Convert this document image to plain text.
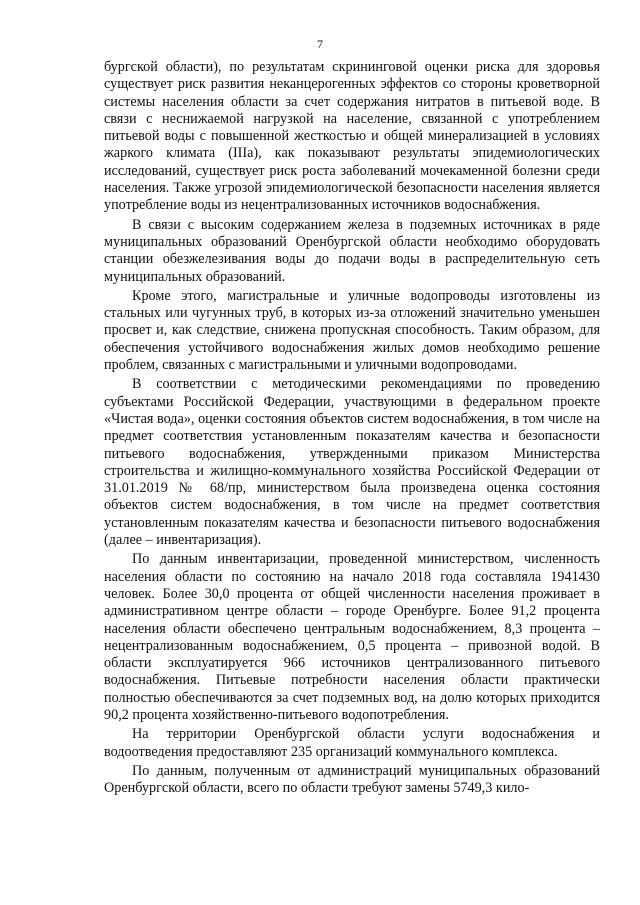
7

бургской области), по результатам скрининговой оценки риска для здоровья существует риск развития неканцерогенных эффектов со стороны кроветворной системы населения области за счет содержания нитратов в питьевой воде. В связи с неснижаемой нагрузкой на население, связанной с употреблением питьевой воды с повышенной жесткостью и общей минерализацией в условиях жаркого климата (IIIа), как показывают результаты эпидемиологических исследований, существует риск роста заболеваний мочекаменной болезни среди населения. Также угрозой эпидемиологической безопасности населения является употребление воды из нецентрализованных источников водоснабжения.

В связи с высоким содержанием железа в подземных источниках в ряде муниципальных образований Оренбургской области необходимо оборудовать станции обезжелезивания воды до подачи воды в распределительную сеть муниципальных образований.

Кроме этого, магистральные и уличные водопроводы изготовлены из стальных или чугунных труб, в которых из-за отложений значительно уменьшен просвет и, как следствие, снижена пропускная способность. Таким образом, для обеспечения устойчивого водоснабжения жилых домов необходимо решение проблем, связанных с магистральными и уличными водопроводами.

В соответствии с методическими рекомендациями по проведению субъектами Российской Федерации, участвующими в федеральном проекте «Чистая вода», оценки состояния объектов систем водоснабжения, в том числе на предмет соответствия установленным показателям качества и безопасности питьевого водоснабжения, утвержденными приказом Министерства строительства и жилищно-коммунального хозяйства Российской Федерации от 31.01.2019 № 68/пр, министерством была произведена оценка состояния объектов систем водоснабжения, в том числе на предмет соответствия установленным показателям качества и безопасности питьевого водоснабжения (далее – инвентаризация).

По данным инвентаризации, проведенной министерством, численность населения области по состоянию на начало 2018 года составляла 1941430 человек. Более 30,0 процента от общей численности населения проживает в административном центре области – городе Оренбурге. Более 91,2 процента населения области обеспечено центральным водоснабжением, 8,3 процента – нецентрализованным водоснабжением, 0,5 процента – привозной водой. В области эксплуатируется 966 источников централизованного питьевого водоснабжения. Питьевые потребности населения области практически полностью обеспечиваются за счет подземных вод, на долю которых приходится 90,2 процента хозяйственно-питьевого водопотребления.

На территории Оренбургской области услуги водоснабжения и водоотведения предоставляют 235 организаций коммунального комплекса.

По данным, полученным от администраций муниципальных образований Оренбургской области, всего по области требуют замены 5749,3 кило-
